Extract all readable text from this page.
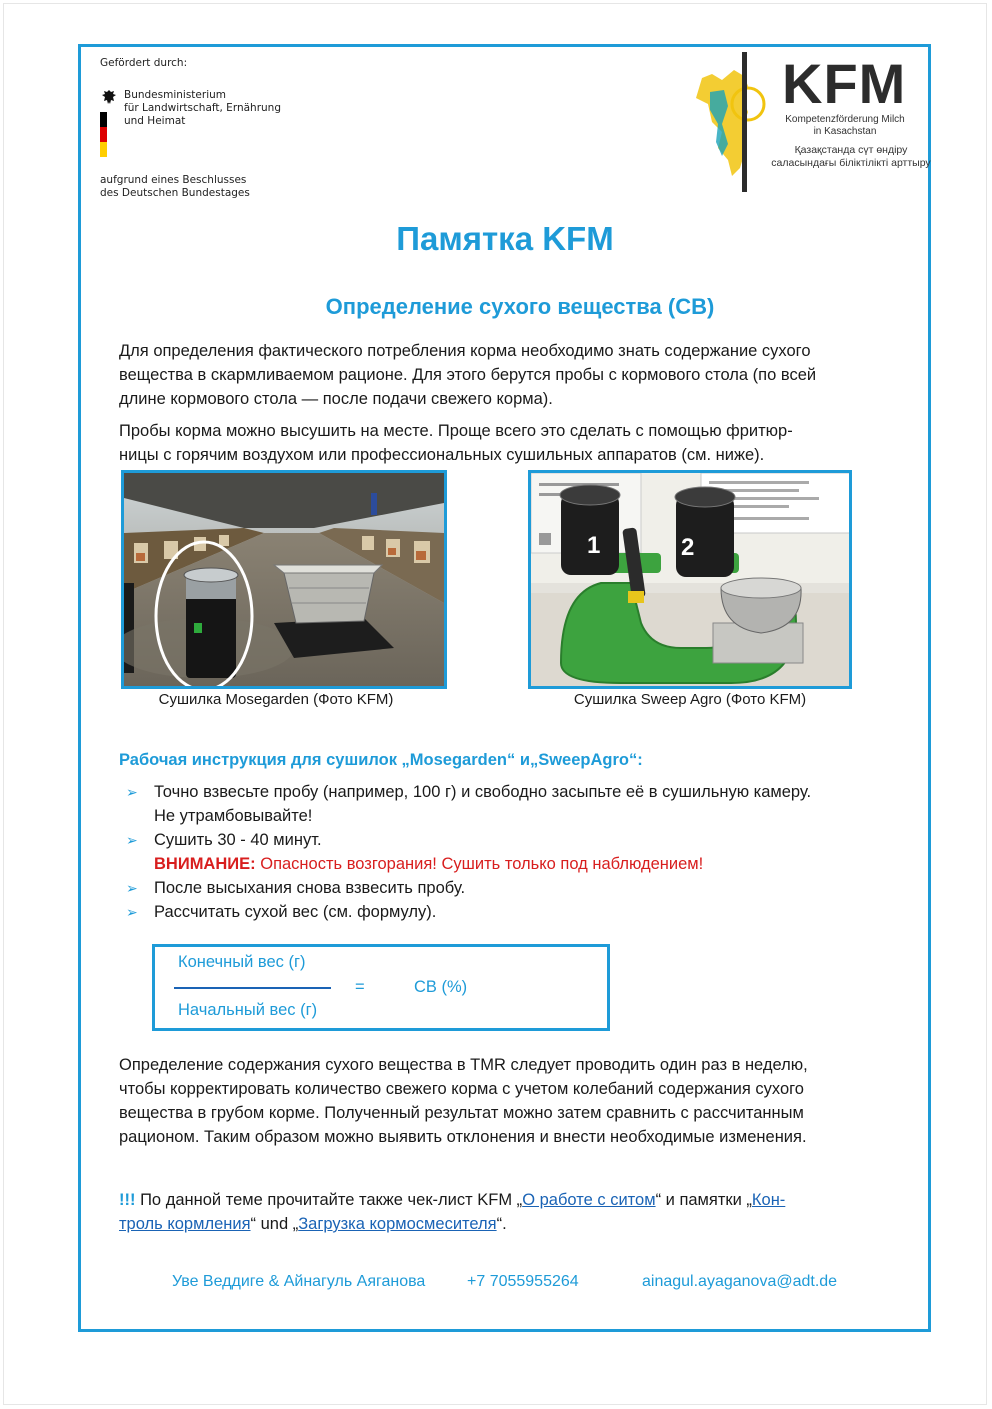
Gefördert durch:
Bundesministerium
für Landwirtschaft, Ernährung
und Heimat
aufgrund eines Beschlusses
des Deutschen Bundestages
KFM
Kompetenzförderung Milch
in Kasachstan
Қазақстанда сүт өндіру
саласындағы біліктілікті арттыру
Памятка KFM
Определение сухого вещества (СВ)
Для определения фактического потребления корма необходимо знать содержание сухого
вещества в скармливаемом рационе. Для этого берутся пробы с кормового стола (по всей
длине кормового стола — после подачи свежего корма).
Пробы корма можно высушить на месте. Проще всего это сделать с помощью фритюр-
ницы с горячим воздухом или профессиональных сушильных аппаратов (см. ниже).
Сушилка Mosegarden (Фото KFM)
1	2
Сушилка Sweep Agro (Фото KFM)
Рабочая инструкция для сушилок „Mosegarden“ и„SweepAgro“:
➢ Точно взвесьте пробу (например, 100 г) и свободно засыпьте её в сушильную камеру.
Не утрамбовывайте!
➢ Сушить 30 - 40 минут.
ВНИМАНИЕ: Опасность возгорания! Сушить только под наблюдением!
➢ После высыхания снова взвесить пробу.
➢ Рассчитать сухой вес (см. формулу).
Конечный вес (г)
Начальный вес (г)
=	СВ (%)
Определение содержания сухого вещества в TMR следует проводить один раз в неделю,
чтобы корректировать количество свежего корма с учетом колебаний содержания сухого
вещества в грубом корме. Полученный результат можно затем сравнить с рассчитанным
рационом. Таким образом можно выявить отклонения и внести необходимые изменения.
!!! По данной теме прочитайте также чек-лист KFM „О работе с ситом“ и памятки „Кон-
троль кормления“ und „Загрузка кормосмесителя“.
Уве Веддиге & Айнагуль Аяганова	+7 7055955264	ainagul.ayaganova@adt.de
